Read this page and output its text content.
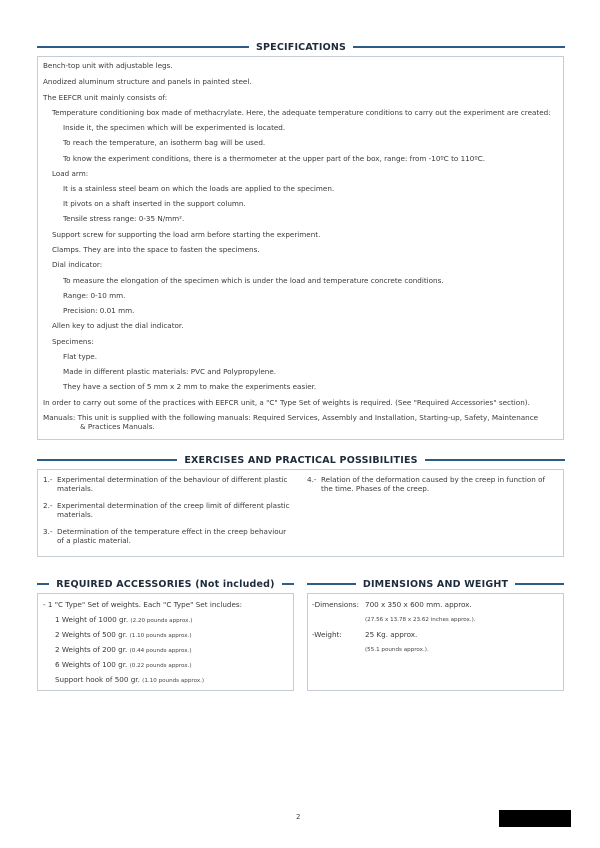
SPECIFICATIONS
Bench-top unit with adjustable legs.
Anodized aluminum structure and panels in painted steel.
The EEFCR unit mainly consists of:
Temperature conditioning box made of methacrylate. Here, the adequate temperature conditions to carry out the experiment are created:
Inside it, the specimen which will be experimented is located.
To reach the temperature, an isotherm bag will be used.
To know the experiment conditions, there is a thermometer at the upper part of the box, range: from -10ºC to 110ºC.
Load arm:
It is a stainless steel beam on which the loads are applied to the specimen.
It pivots on a shaft inserted in the support column.
Tensile stress range: 0-35 N/mm².
Support screw for supporting the load arm before starting the experiment.
Clamps. They are into the space to fasten the specimens.
Dial indicator:
To measure the elongation of the specimen which is under the load and temperature concrete conditions.
Range: 0-10 mm.
Precision: 0.01 mm.
Allen key to adjust the dial indicator.
Specimens:
Flat type.
Made in different plastic materials: PVC and Polypropylene.
They have a section of 5 mm x 2 mm to make the experiments easier.
In order to carry out some of the practices with EEFCR unit, a "C" Type Set of weights is required. (See "Required Accessories" section).
Manuals: This unit is supplied with the following manuals: Required Services, Assembly and Installation, Starting-up, Safety, Maintenance
& Practices Manuals.
EXERCISES AND PRACTICAL POSSIBILITIES
1.- Experimental determination of the behaviour of different plastic
materials.
2.- Experimental determination of the creep limit of different plastic
materials.
3.- Determination of the temperature effect in the creep behaviour
of a plastic material.
4.- Relation of the deformation caused by the creep in function of
the time. Phases of the creep.
REQUIRED ACCESSORIES (Not included)
- 1 "C Type" Set of weights. Each "C Type" Set includes:
1 Weight of 1000 gr. (2.20 pounds approx.)
2 Weights of 500 gr. (1.10 pounds approx.)
2 Weights of 200 gr. (0.44 pounds approx.)
6 Weights of 100 gr. (0.22 pounds approx.)
Support hook of 500 gr. (1.10 pounds approx.)
DIMENSIONS AND WEIGHT
-Dimensions: 700 x 350 x 600 mm. approx.
(27.56 x 13.78 x 23.62 inches approx.).
-Weight:	25 Kg. approx.
(55.1 pounds approx.).
2
